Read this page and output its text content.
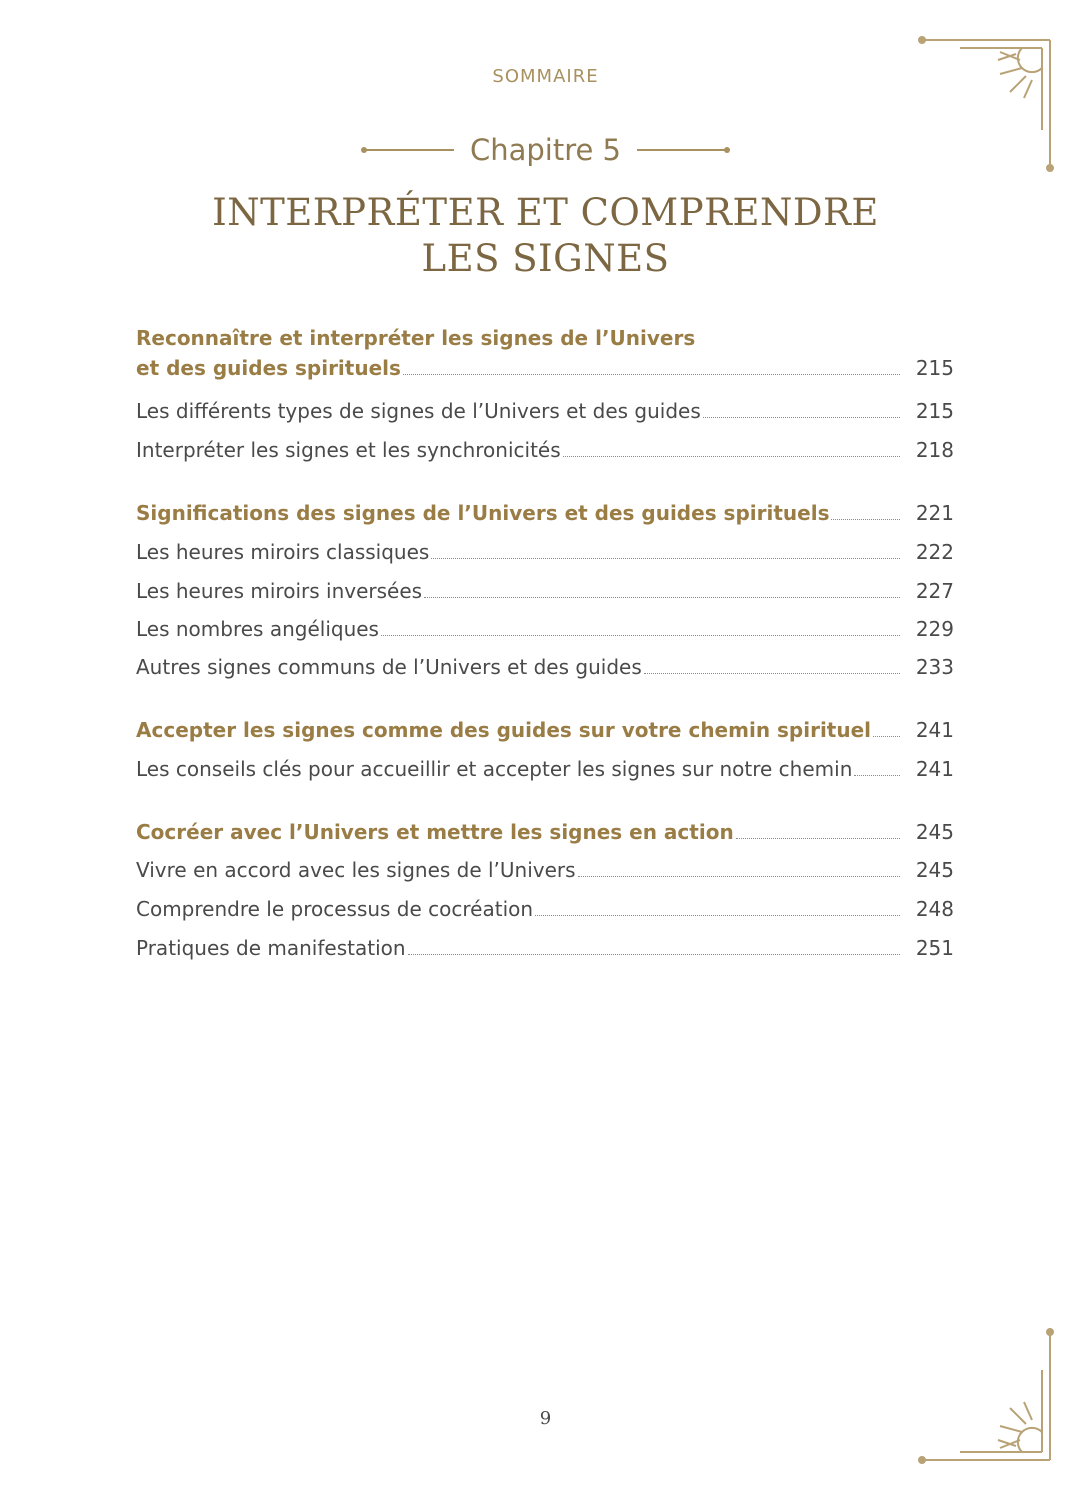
SOMMAIRE
Chapitre 5
INTERPRÉTER ET COMPRENDRE
LES SIGNES
Reconnaître et interpréter les signes de l’Univers
et des guides spirituels	215
Les différents types de signes de l’Univers et des guides	215
Interpréter les signes et les synchronicités	218
Significations des signes de l’Univers et des guides spirituels	221
Les heures miroirs classiques	222
Les heures miroirs inversées	227
Les nombres angéliques	229
Autres signes communs de l’Univers et des guides	233
Accepter les signes comme des guides sur votre chemin spirituel	241
Les conseils clés pour accueillir et accepter les signes sur notre chemin	241
Cocréer avec l’Univers et mettre les signes en action	245
Vivre en accord avec les signes de l’Univers	245
Comprendre le processus de cocréation	248
Pratiques de manifestation	251
9
